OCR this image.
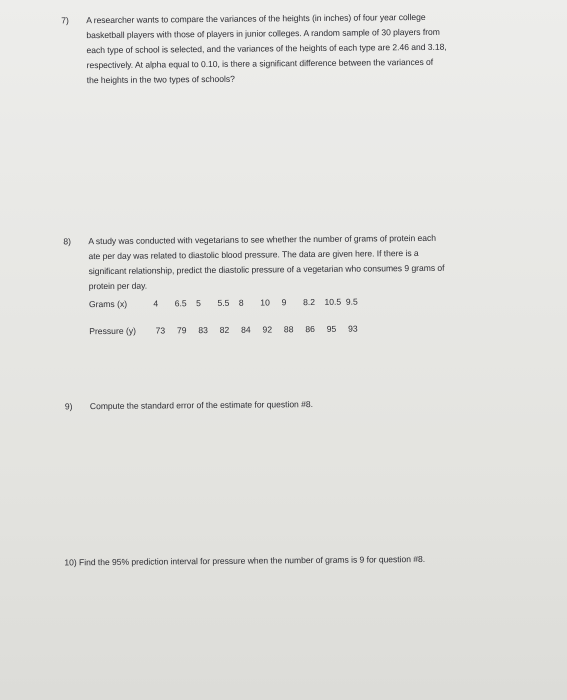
7)	A researcher wants to compare the variances of the heights (in inches) of four year college
basketball players with those of players in junior colleges. A random sample of 30 players from
each type of school is selected, and the variances of the heights of each type are 2.46 and 3.18,
respectively. At alpha equal to 0.10, is there a significant difference between the variances of
the heights in the two types of schools?
8)	A study was conducted with vegetarians to see whether the number of grams of protein each
ate per day was related to diastolic blood pressure. The data are given here. If there is a
significant relationship, predict the diastolic pressure of a vegetarian who consumes 9 grams of
protein per day.
Grams (x)	4 6.5 5 5.5 8 10 9 8.2 10.5 9.5
Pressure (y) 73 79 83 82 84 92 88 86 95 93
9)	Compute the standard error of the estimate for question #8.
10) Find the 95% prediction interval for pressure when the number of grams is 9 for question #8.
